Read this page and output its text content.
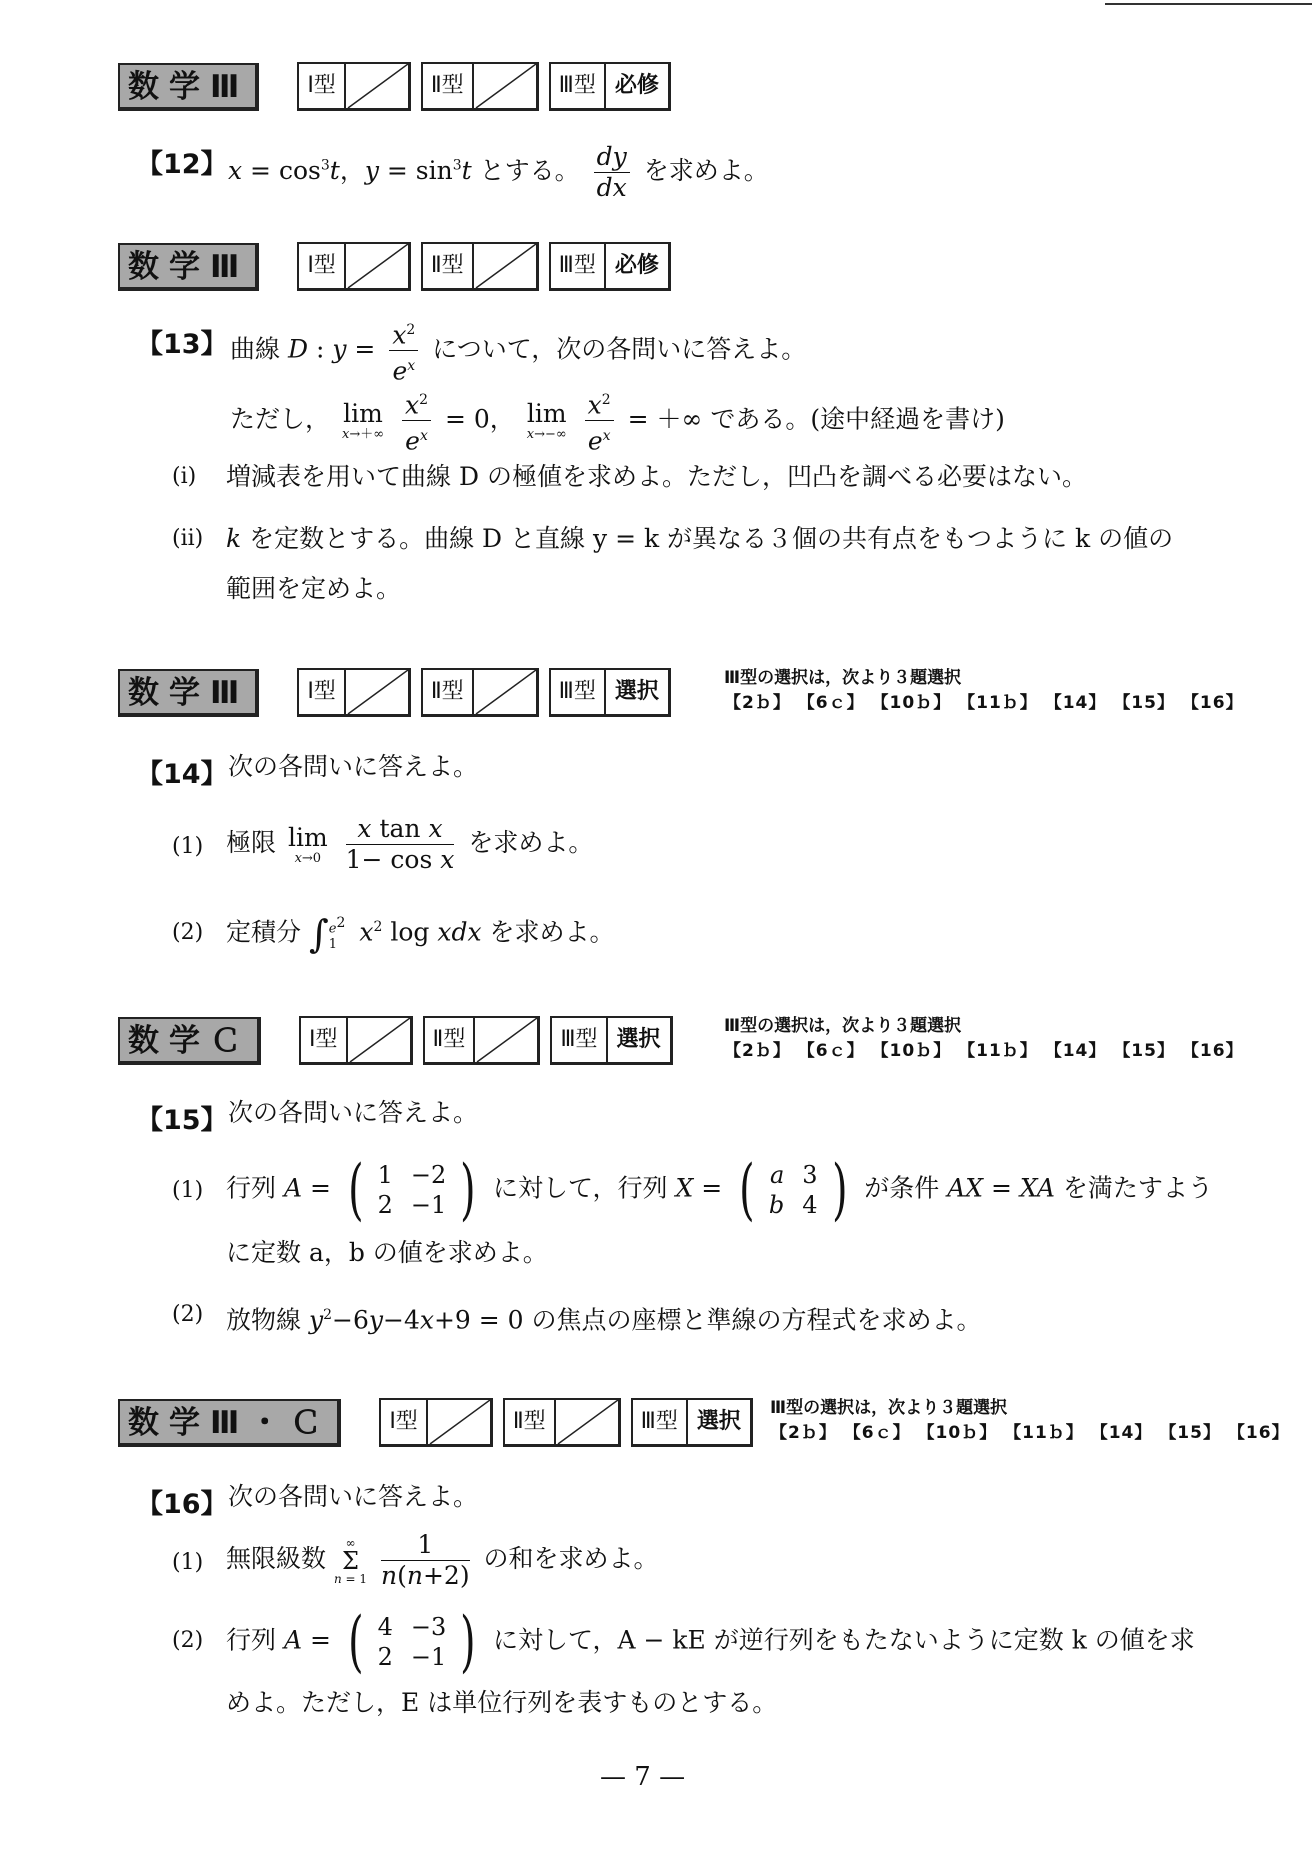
数学Ⅲ	Ⅰ型	Ⅱ型	Ⅲ型 必修
【12】 $x = \cos^3t$，$y = \sin^3t$ とする。 $\frac{dy}{dx}$ を求めよ。
数学Ⅲ	Ⅰ型	Ⅱ型	Ⅲ型 必修
【13】 曲線 D : $y = \frac{x^2}{e^x}$ について，次の各問いに答えよ。
ただし， lim
x→＋∞
$\frac{x^2}{e^x} = 0$， lim
x→−∞
$\frac{x^2}{e^x}$ = ＋∞ である。(途中経過を書け)
(i) 増減表を用いて曲線 D の極値を求めよ。ただし，凹凸を調べる必要はない。
(ii) k を定数とする。曲線 D と直線 y = k が異なる３個の共有点をもつように k の値の
範囲を定めよ。
数学Ⅲ	Ⅰ型	Ⅱ型	Ⅲ型 選択
Ⅲ型の選択は，次より３題選択
【2ｂ】 【6ｃ】 【10ｂ】 【11ｂ】 【14】 【15】 【16】
【14】 次の各問いに答えよ。
(1) 極限 lim
x→0
$\frac{\text{x tan x}}{\text{1− cos x}}$ を求めよ。
(2) 定積分 $\int e^2$
1 $x^2$ log xdx を求めよ。
数学Ｃ	Ⅰ型	Ⅱ型	Ⅲ型 選択
Ⅲ型の選択は，次より３題選択
【2ｂ】 【6ｃ】 【10ｂ】 【11ｂ】 【14】 【15】 【16】
【15】 次の各問いに答えよ。
(1) 行列 A = ( 1	−2
2	−1 ) に対して，行列 X = ( a	3
b	4 ) が条件 AX = XA を満たすよう
に定数 a，b の値を求めよ。
(2) 放物線 $y^2-6y-4x+9 = 0$ の焦点の座標と準線の方程式を求めよ。
数学Ⅲ・Ｃ	Ⅰ型	Ⅱ型	Ⅲ型 選択
Ⅲ型の選択は，次より３題選択
【2ｂ】 【6ｃ】 【10ｂ】 【11ｂ】 【14】 【15】 【16】
【16】 次の各問いに答えよ。
(1) 無限級数 ∞
Σ
$n = 1 \frac{1}{n(n+2)}$ の和を求めよ。
(2) 行列 A = ( 4	−3
2	−1 ) に対して，A − kE が逆行列をもたないように定数 k の値を求
めよ。ただし，E は単位行列を表すものとする。
— 7 —
